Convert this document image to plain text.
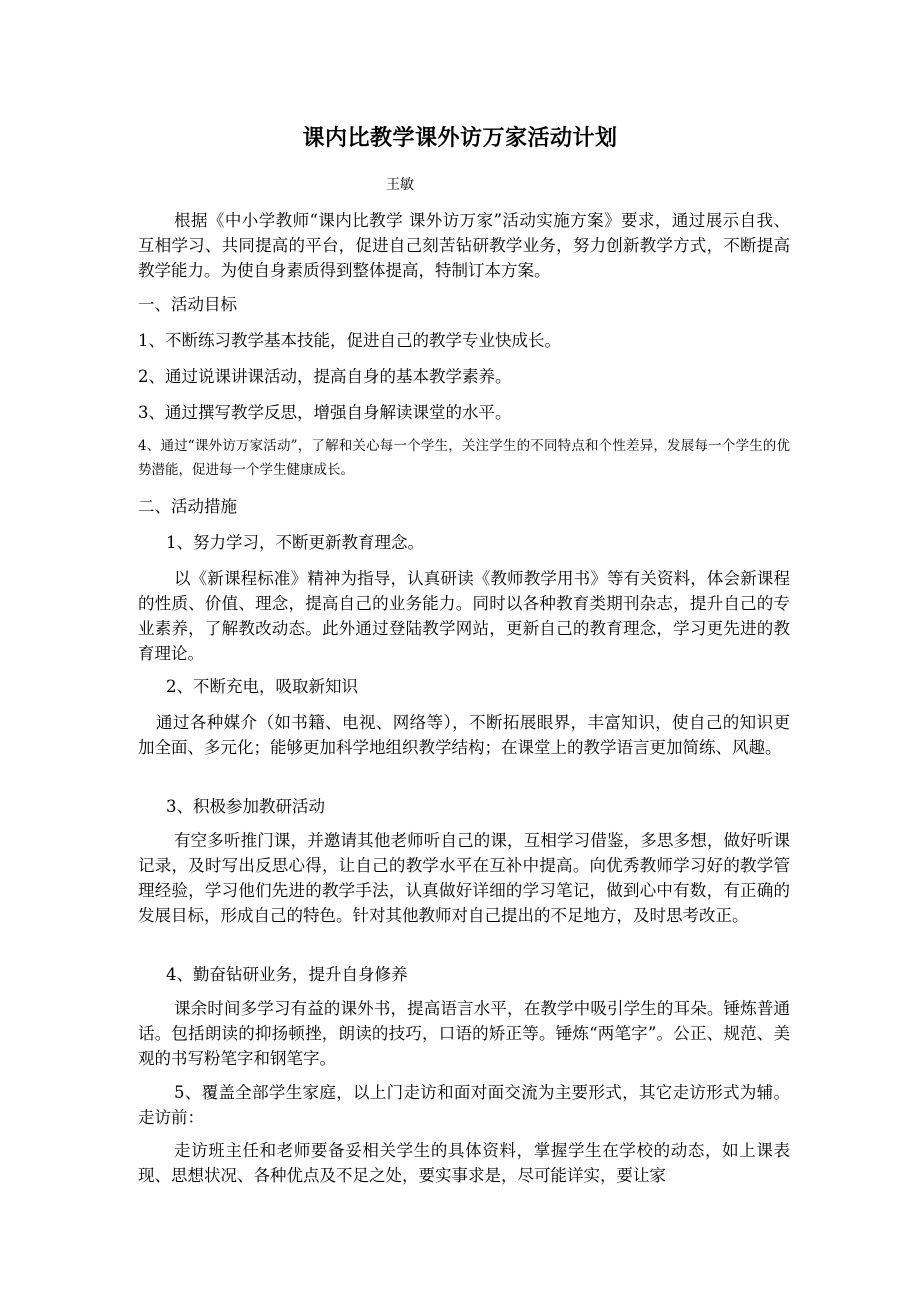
课内比教学课外访万家活动计划
王敏
根据《中小学教师“课内比教学 课外访万家”活动实施方案》要求，通过展示自我、互相学习、共同提高的平台，促进自己刻苦钻研教学业务，努力创新教学方式，不断提高教学能力。为使自身素质得到整体提高，特制订本方案。
一、活动目标
1、不断练习教学基本技能，促进自己的教学专业快成长。
2、通过说课讲课活动，提高自身的基本教学素养。
3、通过撰写教学反思，增强自身解读课堂的水平。
4、通过“课外访万家活动”，了解和关心每一个学生，关注学生的不同特点和个性差异，发展每一个学生的优势潜能，促进每一个学生健康成长。
二、活动措施
1、努力学习，不断更新教育理念。
以《新课程标准》精神为指导，认真研读《教师教学用书》等有关资料，体会新课程的性质、价值、理念，提高自己的业务能力。同时以各种教育类期刊杂志，提升自己的专业素养，了解教改动态。此外通过登陆教学网站，更新自己的教育理念，学习更先进的教育理论。
2、不断充电，吸取新知识
通过各种媒介（如书籍、电视、网络等），不断拓展眼界，丰富知识，使自己的知识更加全面、多元化；能够更加科学地组织教学结构；在课堂上的教学语言更加简练、风趣。
3、积极参加教研活动
有空多听推门课，并邀请其他老师听自己的课，互相学习借鉴，多思多想，做好听课记录，及时写出反思心得，让自己的教学水平在互补中提高。向优秀教师学习好的教学管理经验，学习他们先进的教学手法，认真做好详细的学习笔记，做到心中有数，有正确的发展目标，形成自己的特色。针对其他教师对自己提出的不足地方，及时思考改正。
4、勤奋钻研业务，提升自身修养
课余时间多学习有益的课外书，提高语言水平，在教学中吸引学生的耳朵。锤炼普通话。包括朗读的抑扬顿挫，朗读的技巧，口语的矫正等。锤炼“两笔字”。公正、规范、美观的书写粉笔字和钢笔字。
5、覆盖全部学生家庭，以上门走访和面对面交流为主要形式，其它走访形式为辅。走访前：
走访班主任和老师要备妥相关学生的具体资料，掌握学生在学校的动态，如上课表现、思想状况、各种优点及不足之处，要实事求是，尽可能详实，要让家
